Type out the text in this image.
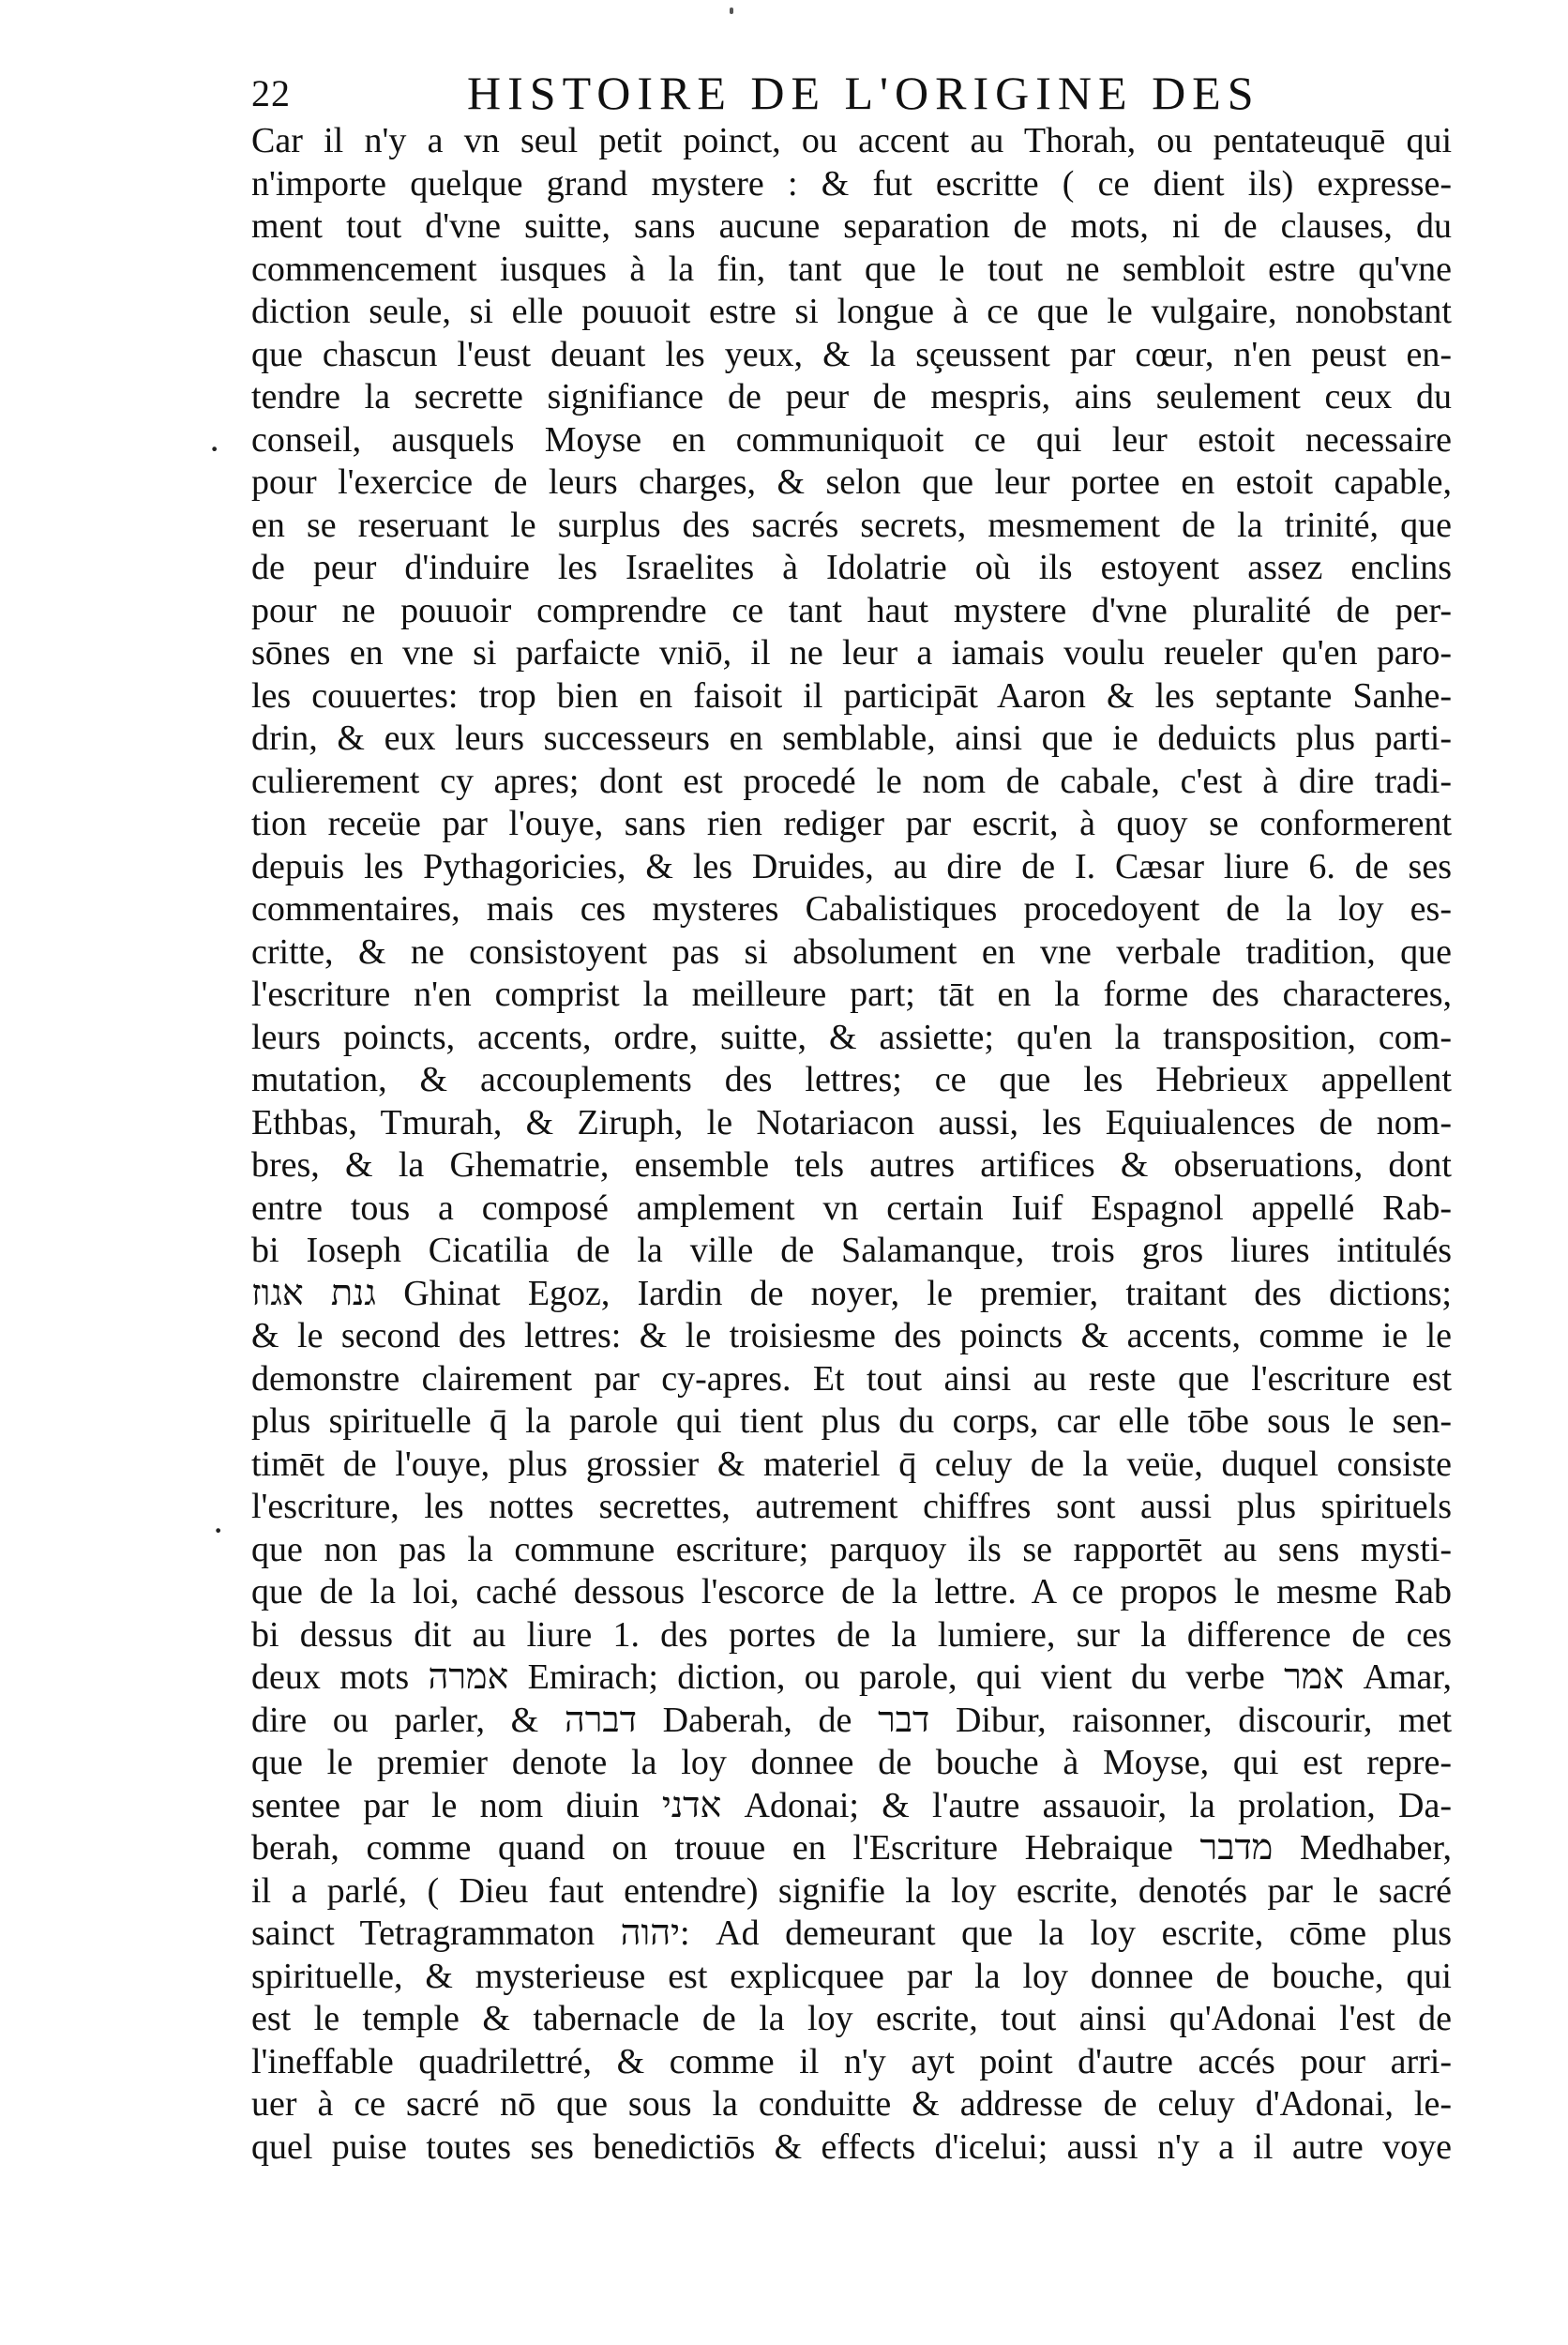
22	HISTOIRE DE L'ORIGINE DES
·
·
Car il n'y a vn seul petit poinct, ou accent au Thorah, ou pentateuquē qui
n'importe quelque grand mystere : & fut escritte ( ce dient ils) expresse-
ment tout d'vne suitte, sans aucune separation de mots, ni de clauses, du
commencement iusques à la fin, tant que le tout ne sembloit estre qu'vne
diction seule, si elle pouuoit estre si longue à ce que le vulgaire, nonobstant
que chascun l'eust deuant les yeux, & la sçeussent par cœur, n'en peust en-
tendre la secrette signifiance de peur de mespris, ains seulement ceux du
conseil, ausquels Moyse en communiquoit ce qui leur estoit necessaire
pour l'exercice de leurs charges, & selon que leur portee en estoit capable,
en se reseruant le surplus des sacrés secrets, mesmement de la trinité, que
de peur d'induire les Israelites à Idolatrie où ils estoyent assez enclins
pour ne pouuoir comprendre ce tant haut mystere d'vne pluralité de per-
sōnes en vne si parfaicte vniō, il ne leur a iamais voulu reueler qu'en paro-
les couuertes: trop bien en faisoit il participāt Aaron & les septante Sanhe-
drin, & eux leurs successeurs en semblable, ainsi que ie deduicts plus parti-
culierement cy apres; dont est procedé le nom de cabale, c'est à dire tradi-
tion receüe par l'ouye, sans rien rediger par escrit, à quoy se conformerent
depuis les Pythagoricies, & les Druides, au dire de I. Cæsar liure 6. de ses
commentaires, mais ces mysteres Cabalistiques procedoyent de la loy es-
critte, & ne consistoyent pas si absolument en vne verbale tradition, que
l'escriture n'en comprist la meilleure part; tāt en la forme des characteres,
leurs poincts, accents, ordre, suitte, & assiette; qu'en la transposition, com-
mutation, & accouplements des lettres; ce que les Hebrieux appellent
Ethbas, Tmurah, & Ziruph, le Notariacon aussi, les Equiualences de nom-
bres, & la Ghematrie, ensemble tels autres artifices & obseruations, dont
entre tous a composé amplement vn certain Iuif Espagnol appellé Rab-
bi Ioseph Cicatilia de la ville de Salamanque, trois gros liures intitulés
גנת אגוז Ghinat Egoz, Iardin de noyer, le premier, traitant des dictions;
& le second des lettres: & le troisiesme des poincts & accents, comme ie le
demonstre clairement par cy-apres. Et tout ainsi au reste que l'escriture est
plus spirituelle q̄ la parole qui tient plus du corps, car elle tōbe sous le sen-
timēt de l'ouye, plus grossier & materiel q̄ celuy de la veüe, duquel consiste
l'escriture, les nottes secrettes, autrement chiffres sont aussi plus spirituels
que non pas la commune escriture; parquoy ils se rapportēt au sens mysti-
que de la loi, caché dessous l'escorce de la lettre. A ce propos le mesme Rab
bi dessus dit au liure 1. des portes de la lumiere, sur la difference de ces
deux mots אמרה Emirach; diction, ou parole, qui vient du verbe אמר Amar,
dire ou parler, & דברה Daberah, de דבר Dibur, raisonner, discourir, met
que le premier denote la loy donnee de bouche à Moyse, qui est repre-
sentee par le nom diuin אדני Adonai; & l'autre assauoir, la prolation, Da-
berah, comme quand on trouue en l'Escriture Hebraique מדבר Medhaber,
il a parlé, ( Dieu faut entendre) signifie la loy escrite, denotés par le sacré
sainct Tetragrammaton יהוה: Ad demeurant que la loy escrite, cōme plus
spirituelle, & mysterieuse est explicquee par la loy donnee de bouche, qui
est le temple & tabernacle de la loy escrite, tout ainsi qu'Adonai l'est de
l'ineffable quadrilettré, & comme il n'y ayt point d'autre accés pour arri-
uer à ce sacré nō que sous la conduitte & addresse de celuy d'Adonai, le-
quel puise toutes ses benedictiōs & effects d'icelui; aussi n'y a il autre voye
